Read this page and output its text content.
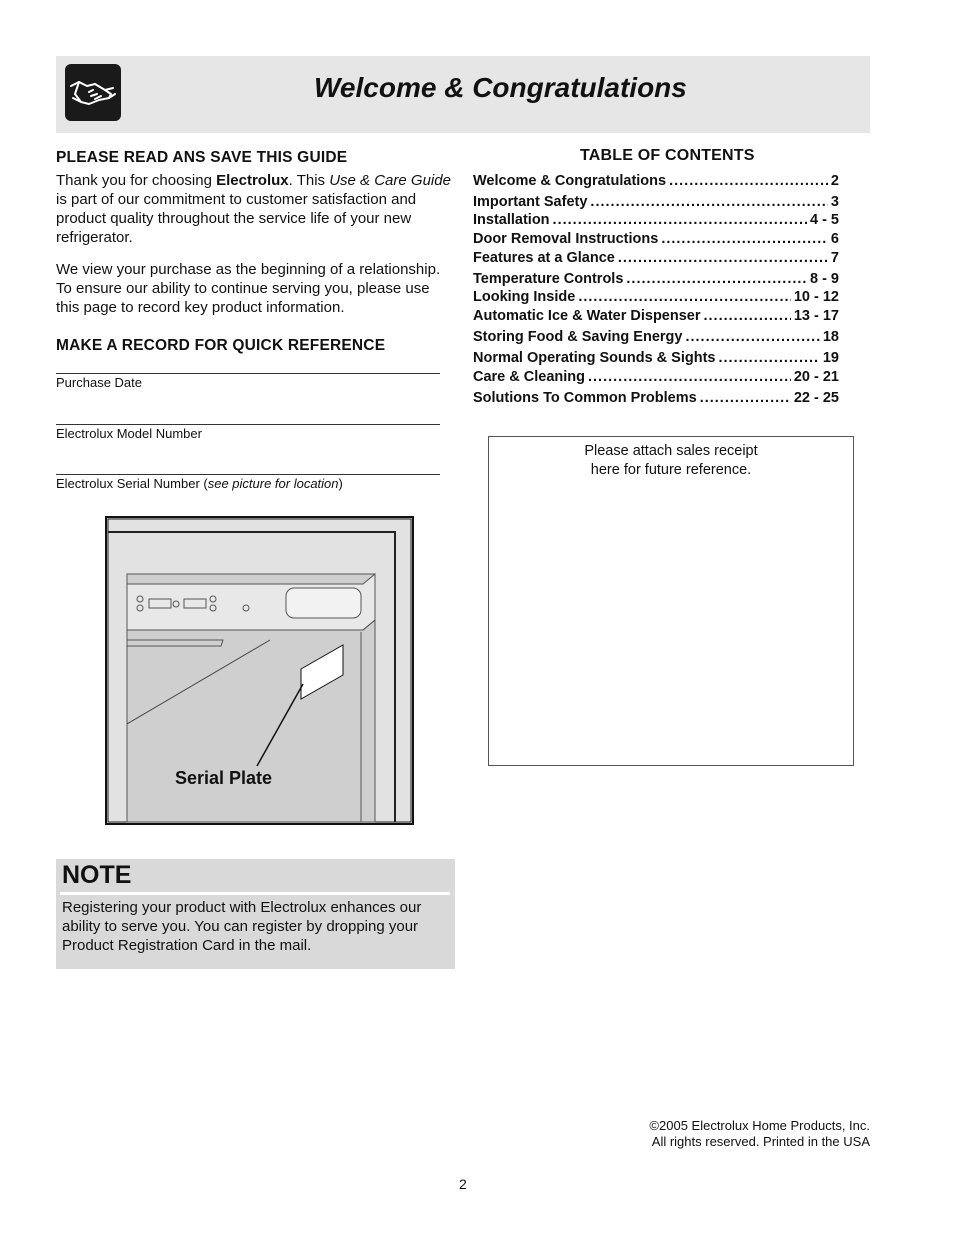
Welcome & Congratulations
PLEASE READ ANS SAVE THIS GUIDE
Thank you for choosing Electrolux. This Use & Care Guide is part of our commitment to customer satisfaction and product quality throughout the service life of your new refrigerator.
We view your purchase as the beginning of a relationship. To ensure our ability to continue serving you, please use this page to record key product information.
MAKE A RECORD FOR QUICK REFERENCE
Purchase Date
Electrolux Model Number
Electrolux Serial Number (see picture for location)
Serial Plate
NOTE
Registering your product with Electrolux enhances our ability to serve you. You can register by dropping your Product Registration Card in the mail.
TABLE OF CONTENTS
Welcome & Congratulations .....	2
Important Safety .....	3
Installation .....	4 - 5
Door Removal Instructions .....	6
Features at a Glance .....	7
Temperature Controls .....	8 - 9
Looking Inside .....	10 - 12
Automatic Ice & Water Dispenser .....	13 - 17
Storing Food & Saving Energy .....	18
Normal Operating Sounds & Sights .....	19
Care & Cleaning .....	20 - 21
Solutions To Common Problems .....	22 - 25
Please attach sales receipt
here for future reference.
©2005 Electrolux Home Products, Inc.
All rights reserved. Printed in the USA
2
